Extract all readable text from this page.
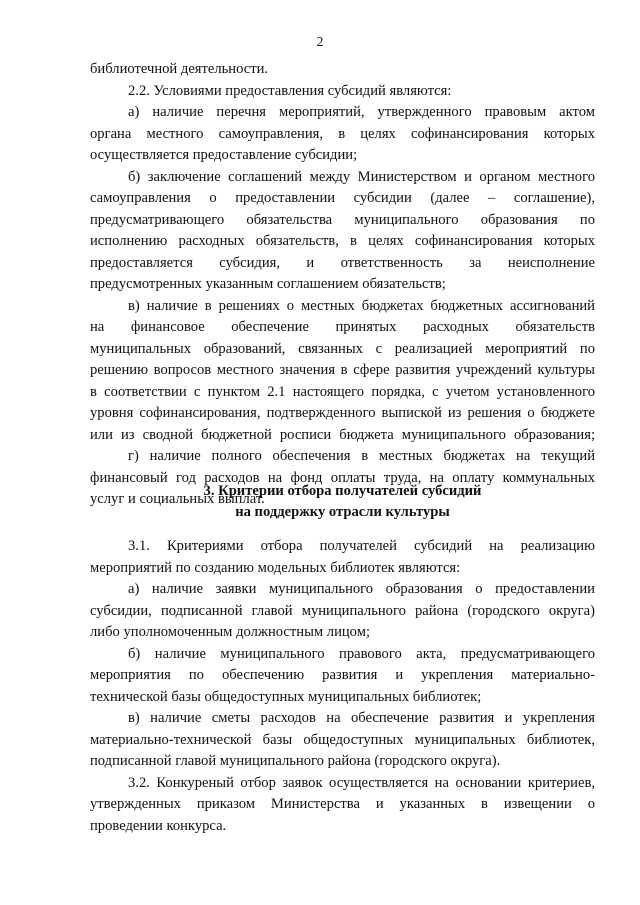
2
библиотечной деятельности.
2.2. Условиями предоставления субсидий являются:
а) наличие перечня мероприятий, утвержденного правовым актом
органа местного самоуправления, в целях софинансирования которых
осуществляется предоставление субсидии;
б) заключение соглашений между Министерством и органом местного
самоуправления о предоставлении субсидии (далее – соглашение),
предусматривающего обязательства муниципального образования по
исполнению расходных обязательств, в целях софинансирования которых
предоставляется субсидия, и ответственность за неисполнение
предусмотренных указанным соглашением обязательств;
в) наличие в решениях о местных бюджетах бюджетных ассигнований
на финансовое обеспечение принятых расходных обязательств
муниципальных образований, связанных с реализацией мероприятий по
решению вопросов местного значения в сфере развития учреждений культуры
в соответствии с пунктом 2.1 настоящего порядка, с учетом установленного
уровня софинансирования, подтвержденного выпиской из решения о бюджете
или из сводной бюджетной росписи бюджета муниципального образования;
г) наличие полного обеспечения в местных бюджетах на текущий
финансовый год расходов на фонд оплаты труда, на оплату коммунальных
услуг и социальных выплат.
3. Критерии отбора получателей субсидий
на поддержку отрасли культуры
3.1. Критериями отбора получателей субсидий на реализацию
мероприятий по созданию модельных библиотек являются:
а) наличие заявки муниципального образования о предоставлении
субсидии, подписанной главой муниципального района (городского округа)
либо уполномоченным должностным лицом;
б) наличие муниципального правового акта, предусматривающего
мероприятия по обеспечению развития и укрепления материально-
технической базы общедоступных муниципальных библиотек;
в) наличие сметы расходов на обеспечение развития и укрепления
материально-технической базы общедоступных муниципальных библиотек,
подписанной главой муниципального района (городского округа).
3.2. Конкуреный отбор заявок осуществляется на основании критериев,
утвержденных приказом Министерства и указанных в извещении о
проведении конкурса.
